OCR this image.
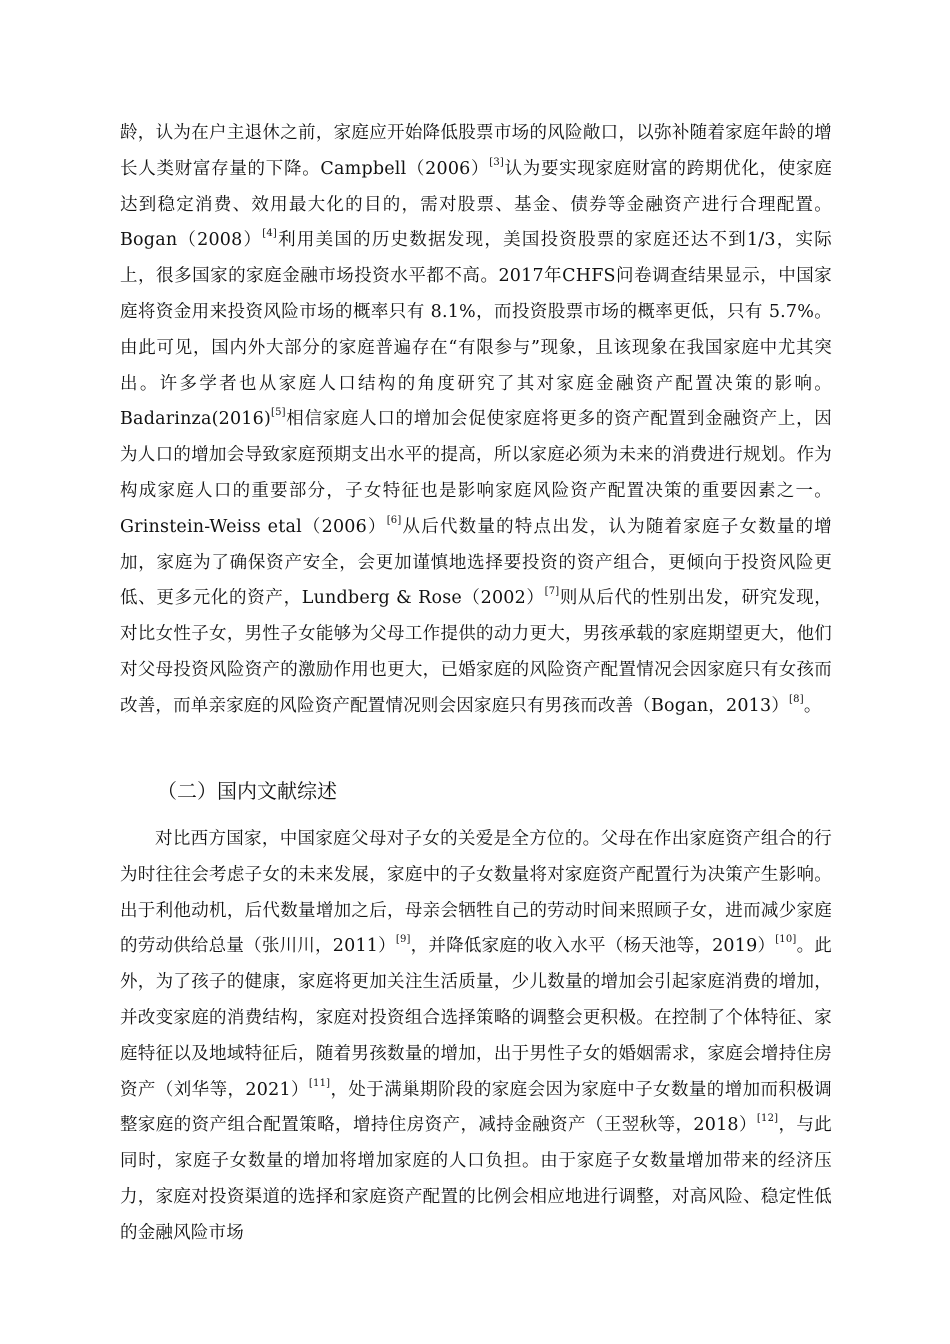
龄，认为在户主退休之前，家庭应开始降低股票市场的风险敞口，以弥补随着家庭年龄的增长人类财富存量的下降。Campbell（2006）[3]认为要实现家庭财富的跨期优化，使家庭达到稳定消费、效用最大化的目的，需对股票、基金、债券等金融资产进行合理配置。Bogan（2008）[4]利用美国的历史数据发现，美国投资股票的家庭还达不到1/3，实际上，很多国家的家庭金融市场投资水平都不高。2017年CHFS问卷调查结果显示，中国家庭将资金用来投资风险市场的概率只有 8.1%，而投资股票市场的概率更低，只有 5.7%。由此可见，国内外大部分的家庭普遍存在“有限参与”现象，且该现象在我国家庭中尤其突出。许多学者也从家庭人口结构的角度研究了其对家庭金融资产配置决策的影响。Badarinza(2016)[5]相信家庭人口的增加会促使家庭将更多的资产配置到金融资产上，因为人口的增加会导致家庭预期支出水平的提高，所以家庭必须为未来的消费进行规划。作为构成家庭人口的重要部分，子女特征也是影响家庭风险资产配置决策的重要因素之一。Grinstein-Weiss etal（2006）[6]从后代数量的特点出发，认为随着家庭子女数量的增加，家庭为了确保资产安全，会更加谨慎地选择要投资的资产组合，更倾向于投资风险更低、更多元化的资产，Lundberg & Rose（2002）[7]则从后代的性别出发，研究发现，对比女性子女，男性子女能够为父母工作提供的动力更大，男孩承载的家庭期望更大，他们对父母投资风险资产的激励作用也更大，已婚家庭的风险资产配置情况会因家庭只有女孩而改善，而单亲家庭的风险资产配置情况则会因家庭只有男孩而改善（Bogan，2013）[8]。

（二）国内文献综述

对比西方国家，中国家庭父母对子女的关爱是全方位的。父母在作出家庭资产组合的行为时往往会考虑子女的未来发展，家庭中的子女数量将对家庭资产配置行为决策产生影响。出于利他动机，后代数量增加之后，母亲会牺牲自己的劳动时间来照顾子女，进而减少家庭的劳动供给总量（张川川，2011）[9]，并降低家庭的收入水平（杨天池等，2019）[10]。此外，为了孩子的健康，家庭将更加关注生活质量，少儿数量的增加会引起家庭消费的增加，并改变家庭的消费结构，家庭对投资组合选择策略的调整会更积极。在控制了个体特征、家庭特征以及地域特征后，随着男孩数量的增加，出于男性子女的婚姻需求，家庭会增持住房资产（刘华等，2021）[11]，处于满巢期阶段的家庭会因为家庭中子女数量的增加而积极调整家庭的资产组合配置策略，增持住房资产，减持金融资产（王翌秋等，2018）[12]，与此同时，家庭子女数量的增加将增加家庭的人口负担。由于家庭子女数量增加带来的经济压力，家庭对投资渠道的选择和家庭资产配置的比例会相应地进行调整，对高风险、稳定性低的金融风险市场
